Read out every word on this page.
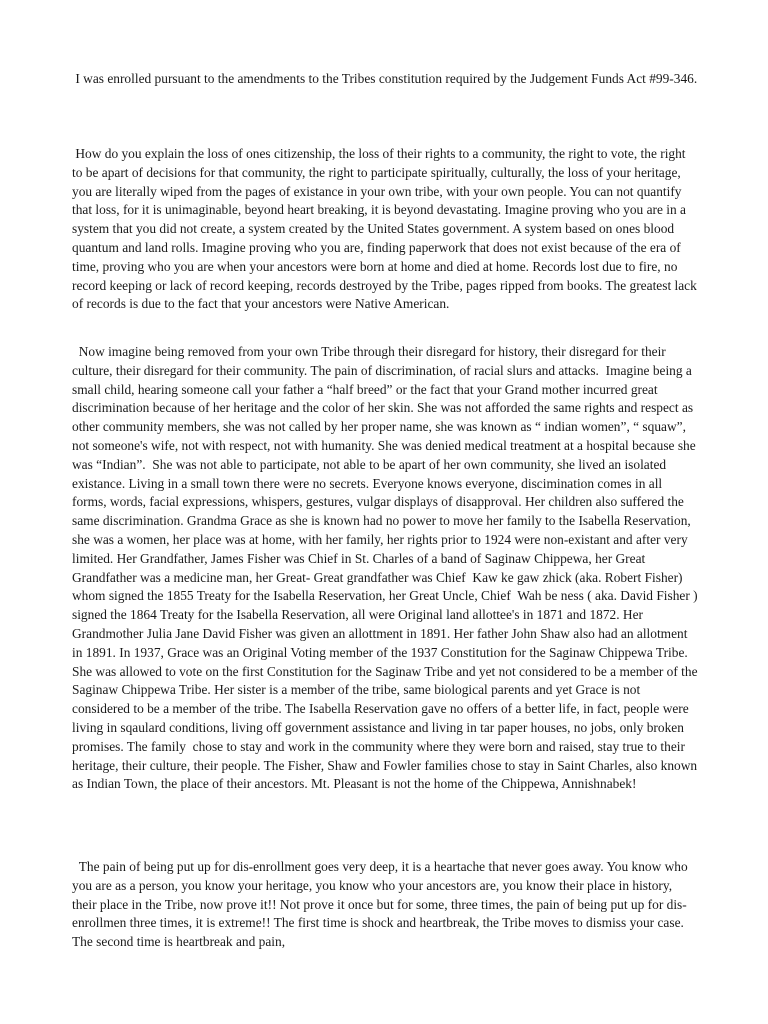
I was enrolled pursuant to the amendments to the Tribes constitution required by the Judgement Funds Act #99-346.

How do you explain the loss of ones citizenship, the loss of their rights to a community, the right to vote, the right to be apart of decisions for that community, the right to participate spiritually, culturally, the loss of your heritage, you are literally wiped from the pages of existance in your own tribe, with your own people. You can not quantify that loss, for it is unimaginable, beyond heart breaking, it is beyond devastating. Imagine proving who you are in a system that you did not create, a system created by the United States government. A system based on ones blood quantum and land rolls. Imagine proving who you are, finding paperwork that does not exist because of the era of time, proving who you are when your ancestors were born at home and died at home. Records lost due to fire, no record keeping or lack of record keeping, records destroyed by the Tribe, pages ripped from books. The greatest lack of records is due to the fact that your ancestors were Native American.

Now imagine being removed from your own Tribe through their disregard for history, their disregard for their culture, their disregard for their community. The pain of discrimination, of racial slurs and attacks.  Imagine being a small child, hearing someone call your father a “half breed” or the fact that your Grand mother incurred great discrimination because of her heritage and the color of her skin. She was not afforded the same rights and respect as other community members, she was not called by her proper name, she was known as “ indian women”, “ squaw”,  not someone's wife, not with respect, not with humanity. She was denied medical treatment at a hospital because she was “Indian”.  She was not able to participate, not able to be apart of her own community, she lived an isolated existance. Living in a small town there were no secrets. Everyone knows everyone, discimination comes in all forms, words, facial expressions, whispers, gestures, vulgar displays of disapproval. Her children also suffered the same discrimination. Grandma Grace as she is known had no power to move her family to the Isabella Reservation, she was a women, her place was at home, with her family, her rights prior to 1924 were non-existant and after very limited. Her Grandfather, James Fisher was Chief in St. Charles of a band of Saginaw Chippewa, her Great Grandfather was a medicine man, her Great- Great grandfather was Chief  Kaw ke gaw zhick (aka. Robert Fisher) whom signed the 1855 Treaty for the Isabella Reservation, her Great Uncle, Chief  Wah be ness ( aka. David Fisher ) signed the 1864 Treaty for the Isabella Reservation, all were Original land allottee's in 1871 and 1872. Her Grandmother Julia Jane David Fisher was given an allottment in 1891. Her father John Shaw also had an allotment in 1891. In 1937, Grace was an Original Voting member of the 1937 Constitution for the Saginaw Chippewa Tribe. She was allowed to vote on the first Constitution for the Saginaw Tribe and yet not considered to be a member of the Saginaw Chippewa Tribe. Her sister is a member of the tribe, same biological parents and yet Grace is not considered to be a member of the tribe. The Isabella Reservation gave no offers of a better life, in fact, people were living in sqaulard conditions, living off government assistance and living in tar paper houses, no jobs, only broken promises. The family  chose to stay and work in the community where they were born and raised, stay true to their heritage, their culture, their people. The Fisher, Shaw and Fowler families chose to stay in Saint Charles, also known as Indian Town, the place of their ancestors. Mt. Pleasant is not the home of the Chippewa, Annishnabek!

The pain of being put up for dis-enrollment goes very deep, it is a heartache that never goes away. You know who you are as a person, you know your heritage, you know who your ancestors are, you know their place in history, their place in the Tribe, now prove it!! Not prove it once but for some, three times, the pain of being put up for dis-enrollmen three times, it is extreme!! The first time is shock and heartbreak, the Tribe moves to dismiss your case. The second time is heartbreak and pain,
